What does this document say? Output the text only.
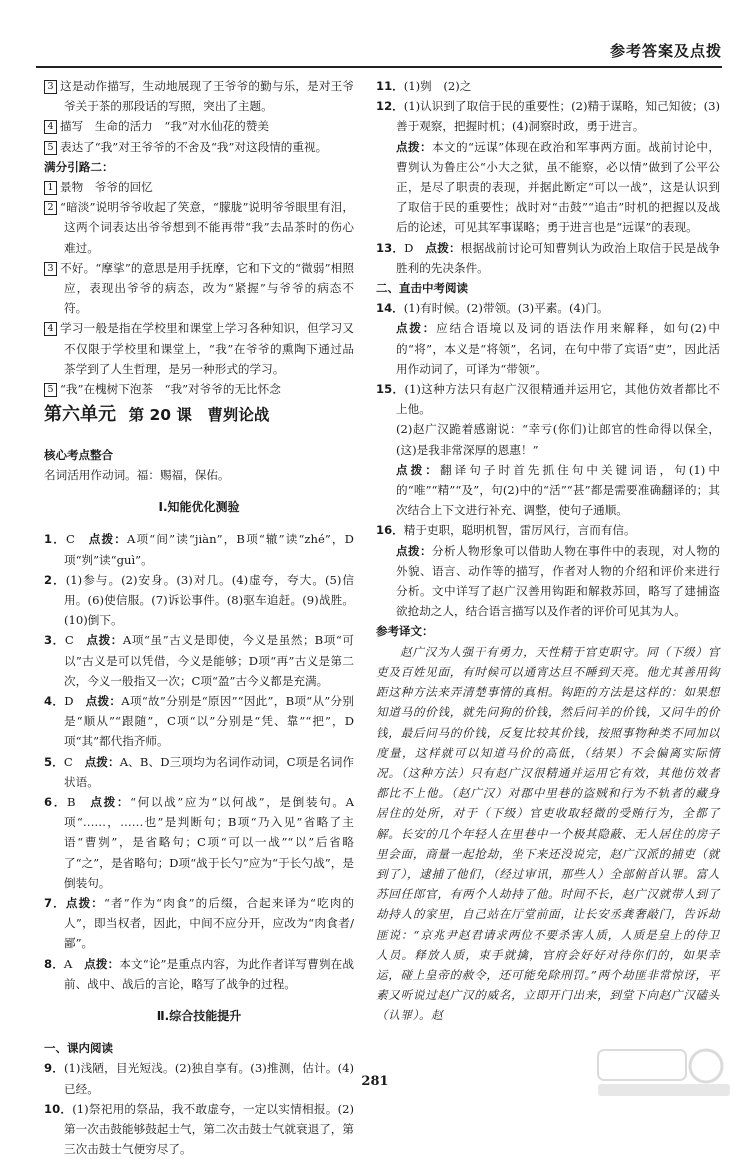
参考答案及点拨

3 这是动作描写，生动地展现了王爷爷的勤与乐，是对王爷爷关于茶的那段话的写照，突出了主题。

4 描写　生命的活力　“我”对水仙花的赞美

5 表达了“我”对王爷爷的不舍及“我”对这段情的重视。

满分引路二：

1 景物　爷爷的回忆

2 “暗淡”说明爷爷收起了笑意，“朦胧”说明爷爷眼里有泪，这两个词表达出爷爷想到不能再带“我”去品茶时的伤心难过。

3 不好。“摩挲”的意思是用手抚摩，它和下文的“微弱”相照应，表现出爷爷的病态，改为“紧握”与爷爷的病态不符。

4 学习一般是指在学校里和课堂上学习各种知识，但学习又不仅限于学校里和课堂上，“我”在爷爷的熏陶下通过品茶学到了人生哲理，是另一种形式的学习。

5 “我”在槐树下泡茶　“我”对爷爷的无比怀念

第六单元 第 20 课　曹刿论战

核心考点整合

名词活用作动词。福：赐福，保佑。

Ⅰ.知能优化测验

1．C　点拨：A项“间”读“jiàn”，B项“辙”读“zhé”，D项“刿”读“guì”。

2．(1)参与。(2)安身。(3)对几。(4)虚夸，夸大。(5)信用。(6)使信服。(7)诉讼事件。(8)驱车追赶。(9)战胜。(10)倒下。

3．C　点拨：A项“虽”古义是即使，今义是虽然；B项“可以”古义是可以凭借，今义是能够；D项“再”古义是第二次，今义一般指又一次；C项“盈”古今义都是充满。

4．D　点拨：A项“故”分别是“原因”“因此”，B项“从”分别是“顺从”“跟随”，C项“以”分别是“凭、靠”“把”，D项“其”都代指齐师。

5．C　点拨：A、B、D三项均为名词作动词，C项是名词作状语。

6．B　点拨：“何以战”应为“以何战”，是倒装句。A项“……，……也”是判断句；B项“乃入见”省略了主语“曹刿”，是省略句；C项“可以一战”“以”后省略了“之”，是省略句；D项“战于长勺”应为“于长勺战”，是倒装句。

7．点拨：“者”作为“肉食”的后缀，合起来译为“吃肉的人”，即当权者，因此，中间不应分开，应改为“肉食者/鄙”。

8．A　点拨：本文“论”是重点内容，为此作者详写曹刿在战前、战中、战后的言论，略写了战争的过程。

Ⅱ.综合技能提升

一、课内阅读

9．(1)浅陋，目光短浅。(2)独自享有。(3)推测，估计。(4)已经。

10．(1)祭祀用的祭品，我不敢虚夸，一定以实情相报。(2)第一次击鼓能够鼓起士气，第二次击鼓士气就衰退了，第三次击鼓士气便穷尽了。

11．(1)刿　(2)之

12．(1)认识到了取信于民的重要性；(2)精于谋略，知己知彼；(3)善于观察，把握时机；(4)洞察时政，勇于进言。

点拨：本文的“远谋”体现在政治和军事两方面。战前讨论中，曹刿认为鲁庄公“小大之狱，虽不能察，必以情”做到了公平公正，是尽了职责的表现，并据此断定“可以一战”，这是认识到了取信于民的重要性；战时对“击鼓”“追击”时机的把握以及战后的论述，可见其军事谋略；勇于进言也是“远谋”的表现。

13．D　点拨：根据战前讨论可知曹刿认为政治上取信于民是战争胜利的先决条件。

二、直击中考阅读

14．(1)有时候。(2)带领。(3)平素。(4)门。

点拨：应结合语境以及词的语法作用来解释，如句(2)中的“将”，本义是“将领”，名词，在句中带了宾语“吏”，因此活用作动词了，可译为“带领”。

15．(1)这种方法只有赵广汉很精通并运用它，其他仿效者都比不上他。

(2)赵广汉跪着感谢说：“幸亏(你们)让郎官的性命得以保全，(这)是我非常深厚的恩惠！”

点拨：翻译句子时首先抓住句中关键词语，句(1)中的“唯”“精”“及”，句(2)中的“活”“甚”都是需要准确翻译的；其次结合上下文进行补充、调整，使句子通顺。

16．精于吏职，聪明机智，雷厉风行，言而有信。

点拨：分析人物形象可以借助人物在事件中的表现，对人物的外貌、语言、动作等的描写，作者对人物的介绍和评价来进行分析。文中详写了赵广汉善用钩距和解救苏回，略写了建捕盗欲抢劫之人，结合语言描写以及作者的评价可见其为人。

参考译文：

赵广汉为人强干有勇力，天性精于官吏职守。同（下级）官吏及百姓见面，有时候可以通宵达旦不睡到天亮。他尤其善用钩距这种方法来弄清楚事情的真相。钩距的方法是这样的：如果想知道马的价钱，就先问狗的价钱，然后问羊的价钱，又问牛的价钱，最后问马的价钱，反复比较其价钱，按照事物种类不同加以度量，这样就可以知道马价的高低，（结果）不会偏离实际情况。（这种方法）只有赵广汉很精通并运用它有效，其他仿效者都比不上他。（赵广汉）对郡中里巷的盗贼和行为不轨者的藏身居住的处所，对于（下级）官吏收取轻微的受贿行为，全都了解。长安的几个年轻人在里巷中一个极其隐蔽、无人居住的房子里会面，商量一起抢劫，坐下来还没说完，赵广汉派的捕吏（就到了），逮捕了他们，（经过审讯，那些人）全部俯首认罪。富人苏回任郎官，有两个人劫持了他。时间不长，赵广汉就带人到了劫持人的家里，自己站在厅堂前面，让长安丞龚奢敲门，告诉劫匪说：“京兆尹赵君请求两位不要杀害人质，人质是皇上的侍卫人员。释放人质，束手就擒，官府会好好对待你们的，如果幸运，碰上皇帝的赦令，还可能免除刑罚。”两个劫匪非常惊讶，平素又听说过赵广汉的威名，立即开门出来，到堂下向赵广汉磕头（认罪）。赵

281
